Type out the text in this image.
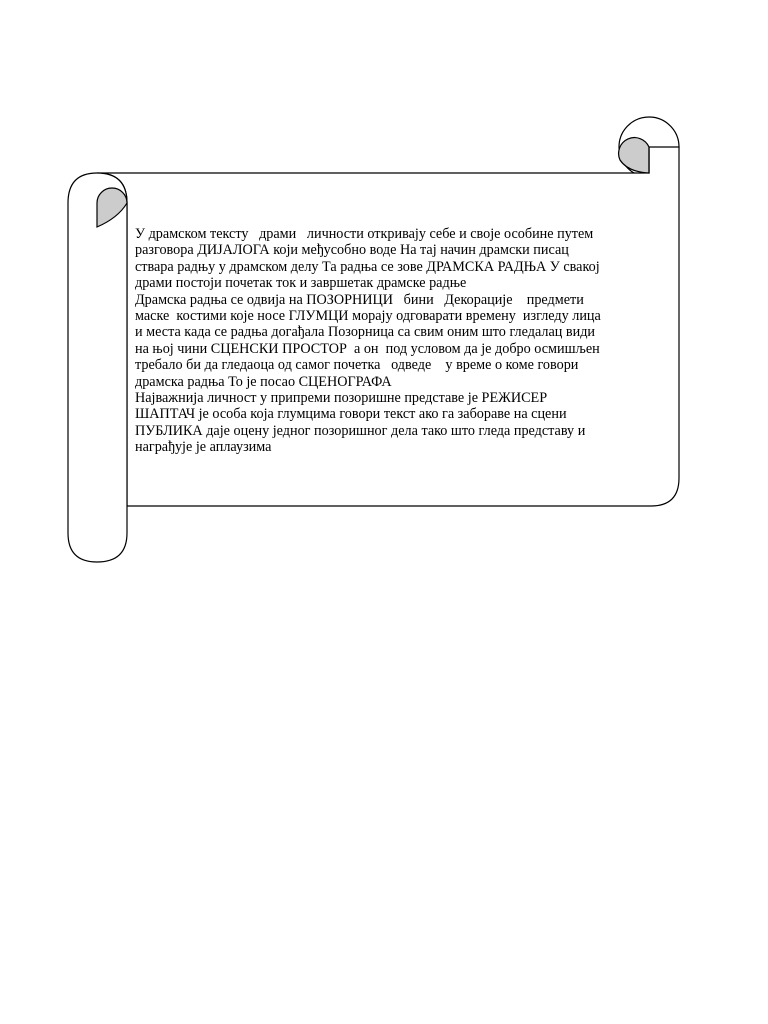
У драмском тексту   драми   личности откривају себе и своје особине путем
разговора ДИЈАЛОГА који међусобно воде На тај начин драмски писац
ствара радњу у драмском делу Та радња се зове ДРАМСКА РАДЊА У свакој
драми постоји почетак ток и завршетак драмске радње
Драмска радња се одвија на ПОЗОРНИЦИ   бини   Декорације    предмети
маске  костими које носе ГЛУМЦИ морају одговарати времену  изгледу лица
и места када се радња догађала Позорница са свим оним што гледалац види
на њој чини СЦЕНСКИ ПРОСТОР  а он  под условом да је добро осмишљен
требало би да гледаоца од самог почетка   одведе    у време о коме говори
драмска радња То је посао СЦЕНОГРАФА
Најважнија личност у припреми позоришне представе је РЕЖИСЕР
ШАПТАЧ је особа која глумцима говори текст ако га забораве на сцени
ПУБЛИКА даје оцену једног позоришног дела тако што гледа представу и
награђује је аплаузима
